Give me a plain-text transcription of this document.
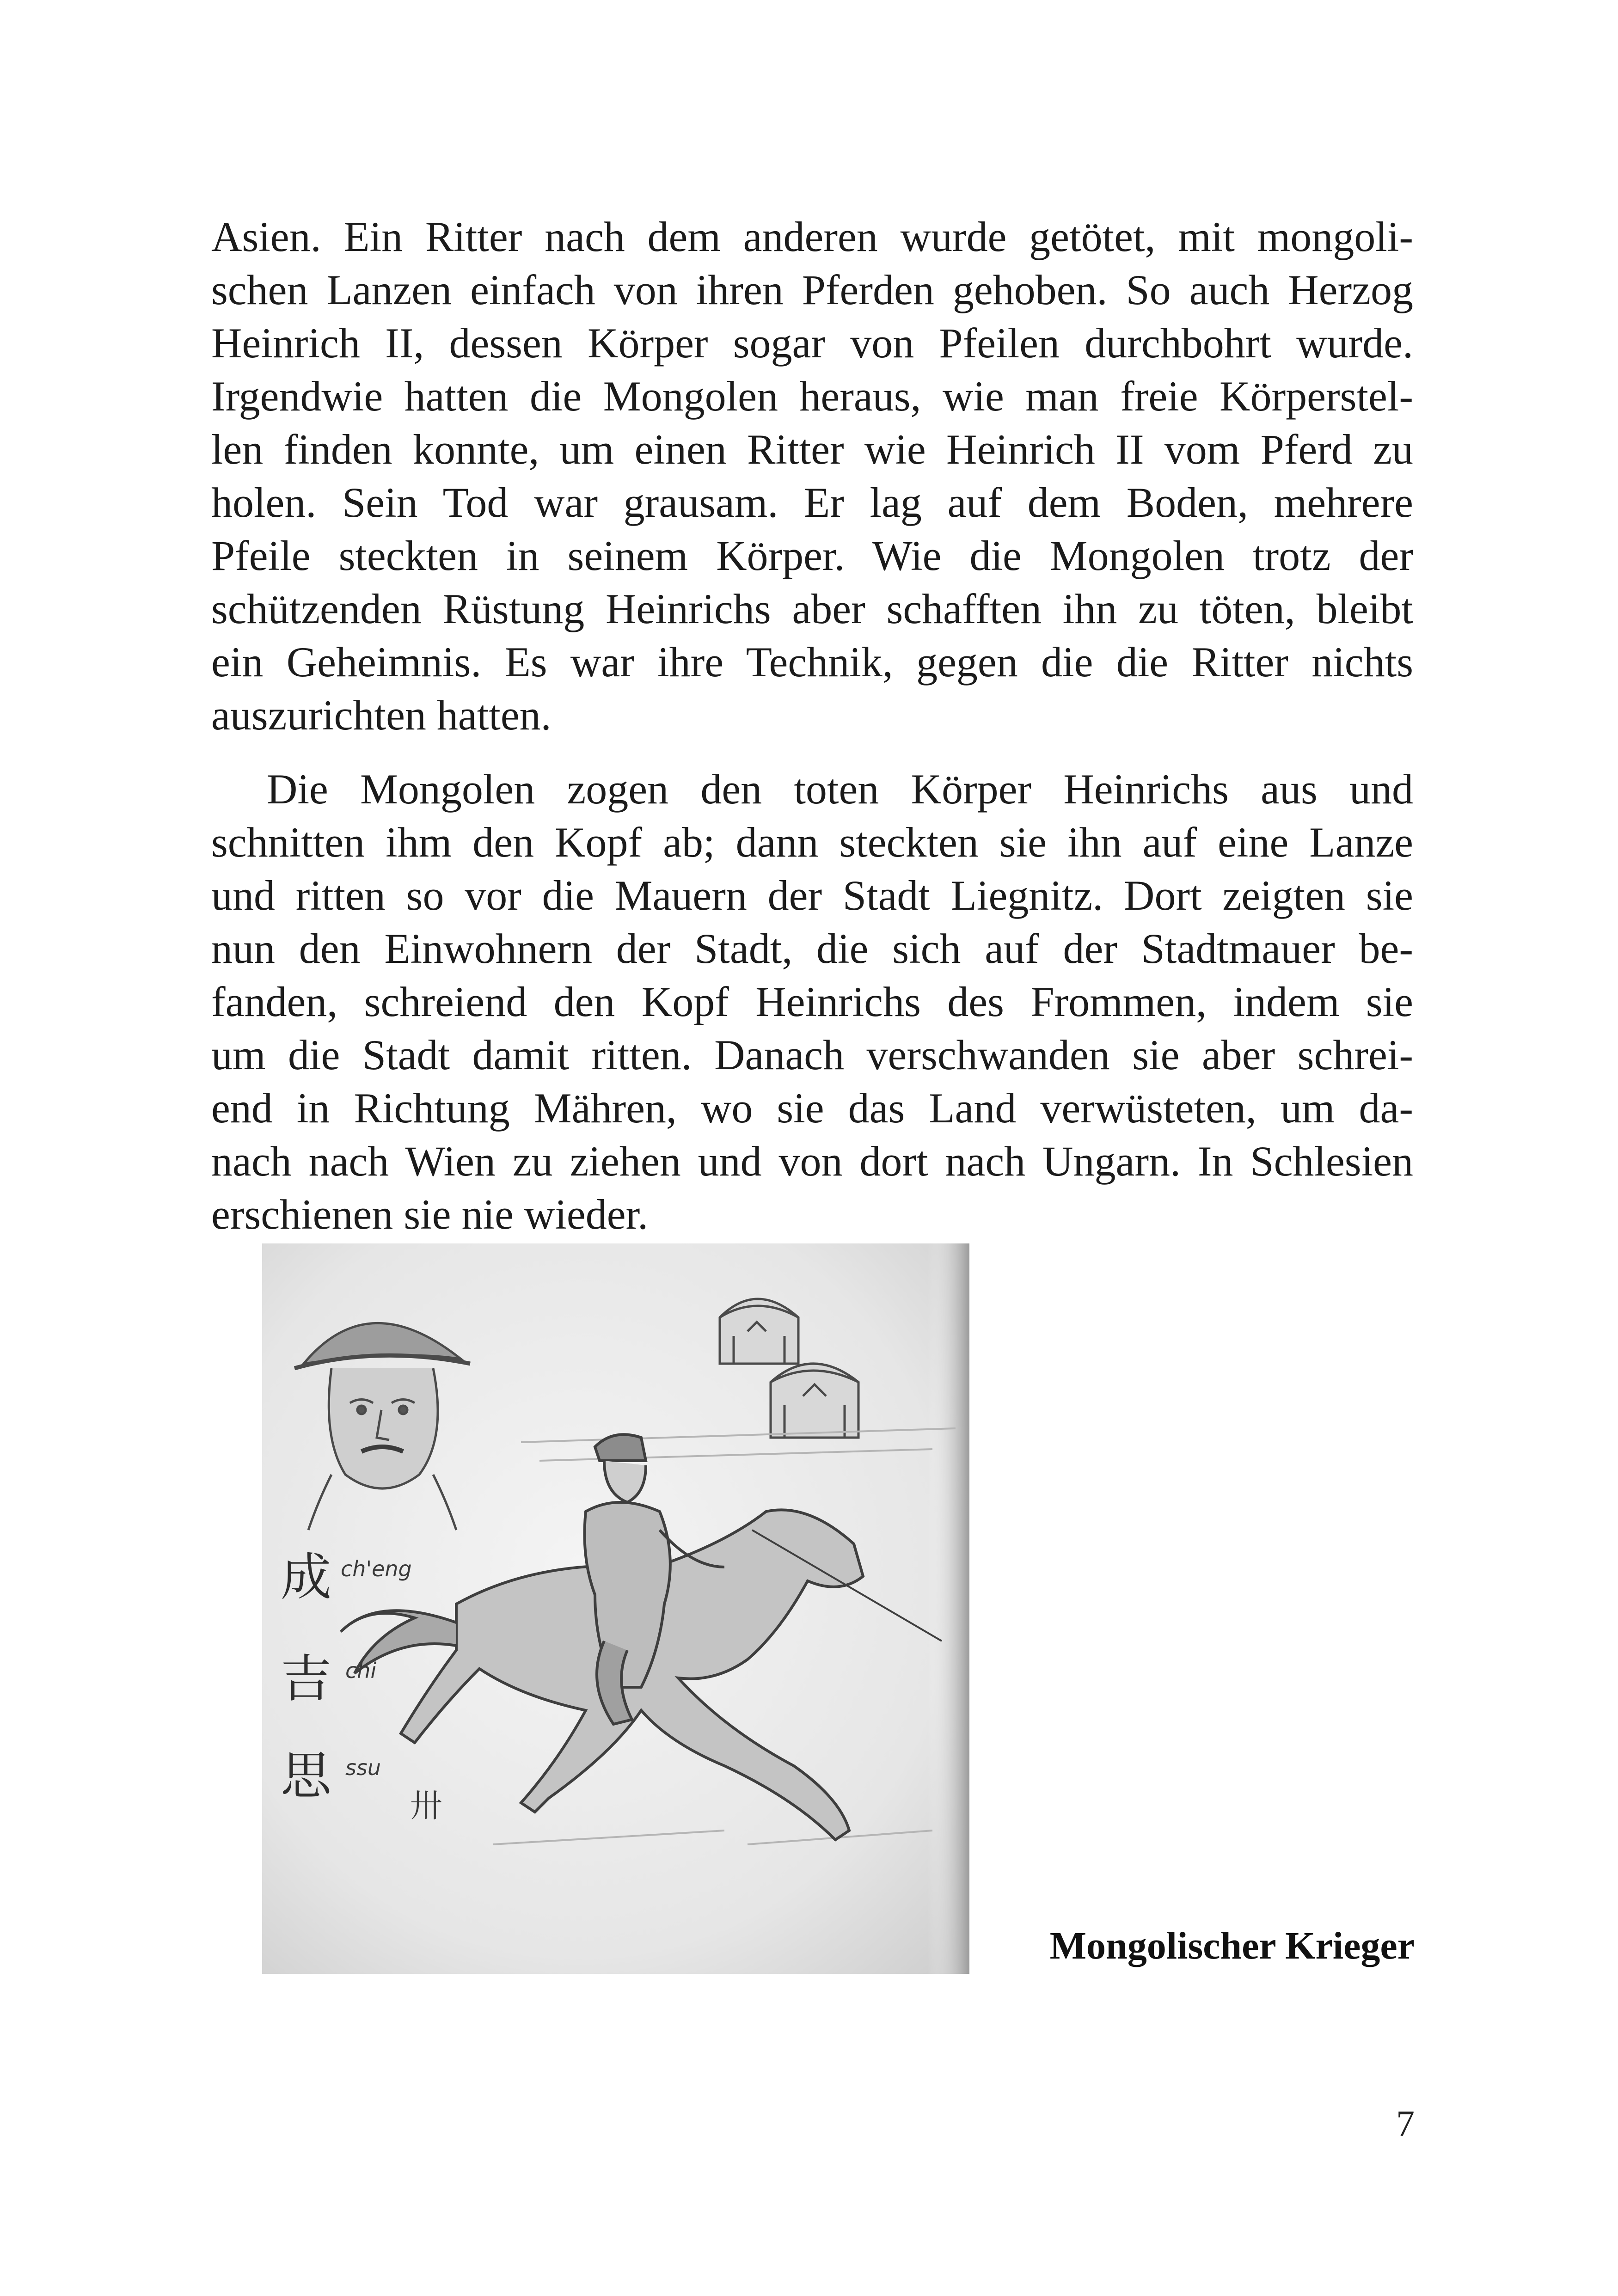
Asien. Ein Ritter nach dem anderen wurde getötet, mit mongoli-
schen Lanzen einfach von ihren Pferden gehoben. So auch Herzog
Heinrich II, dessen Körper sogar von Pfeilen durchbohrt wurde.
Irgendwie hatten die Mongolen heraus, wie man freie Körperstel-
len finden konnte, um einen Ritter wie Heinrich II vom Pferd zu
holen. Sein Tod war grausam. Er lag auf dem Boden, mehrere
Pfeile steckten in seinem Körper. Wie die Mongolen trotz der
schützenden Rüstung Heinrichs aber schafften ihn zu töten, bleibt
ein Geheimnis. Es war ihre Technik, gegen die die Ritter nichts
auszurichten hatten.

Die Mongolen zogen den toten Körper Heinrichs aus und
schnitten ihm den Kopf ab; dann steckten sie ihn auf eine Lanze
und ritten so vor die Mauern der Stadt Liegnitz. Dort zeigten sie
nun den Einwohnern der Stadt, die sich auf der Stadtmauer be-
fanden, schreiend den Kopf Heinrichs des Frommen, indem sie
um die Stadt damit ritten. Danach verschwanden sie aber schrei-
end in Richtung Mähren, wo sie das Land verwüsteten, um da-
nach nach Wien zu ziehen und von dort nach Ungarn. In Schlesien
erschienen sie nie wieder.

成
吉
思
ch'eng
chi
ssu
卅
Mongolischer Krieger
7
